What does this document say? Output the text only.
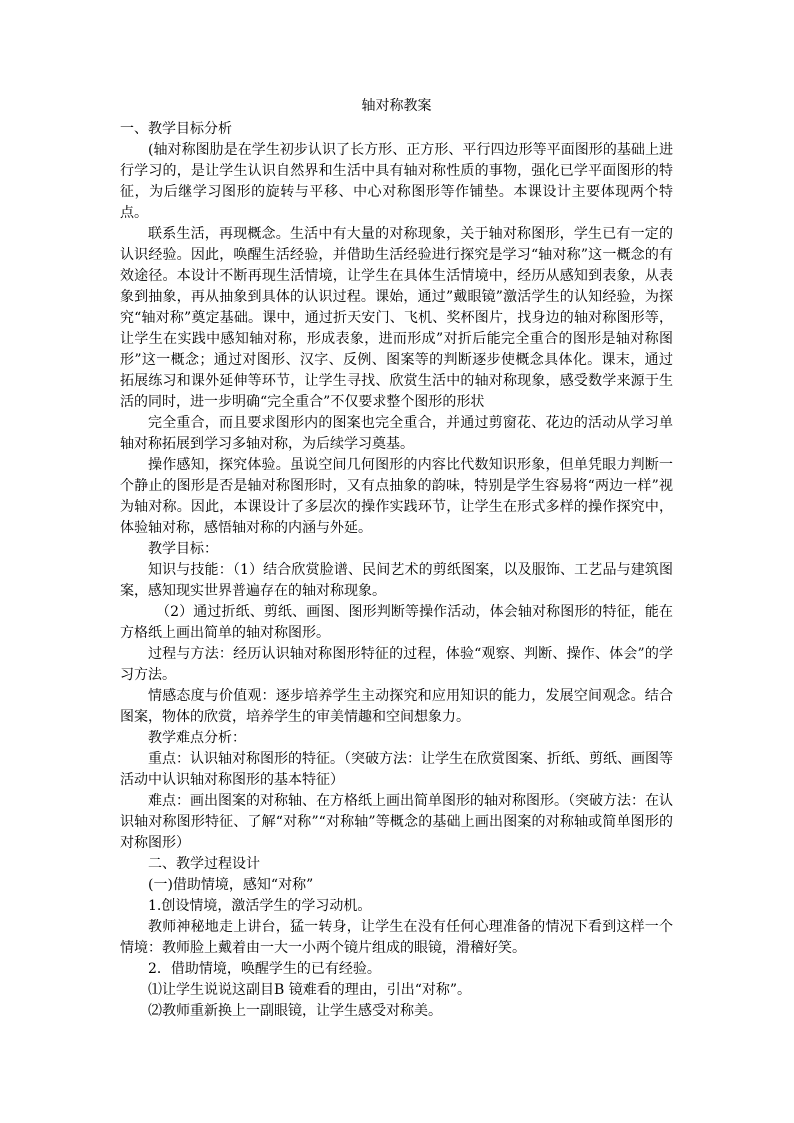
轴对称教案

一、教学目标分析

(轴对称图肋是在学生初步认识了长方形、正方形、平行四边形等平面图形的基础上进行学习的，是让学生认识自然界和生活中具有轴对称性质的事物，强化已学平面图形的特征，为后继学习图形的旋转与平移、中心对称图形等作铺垫。本课设计主要体现两个特点。

联系生活，再现概念。生活中有大量的对称现象，关于轴对称图形，学生已有一定的认识经验。因此，唤醒生活经验，并借助生活经验进行探究是学习“轴对称”这一概念的有效途径。本设计不断再现生活情境，让学生在具体生活情境中，经历从感知到表象，从表象到抽象，再从抽象到具体的认识过程。课始，通过”戴眼镜”激活学生的认知经验，为探究“轴对称”奠定基础。课中，通过折天安门、飞机、奖杯图片，找身边的轴对称图形等，让学生在实践中感知轴对称，形成表象，进而形成”对折后能完全重合的图形是轴对称图形”这一概念；通过对图形、汉字、反例、图案等的判断逐步使概念具体化。课末，通过拓展练习和课外延伸等环节，让学生寻找、欣赏生活中的轴对称现象，感受数学来源于生活的同时，进一步明确“完全重合”不仅要求整个图形的形状

完全重合，而且要求图形内的图案也完全重合，并通过剪窗花、花边的活动从学习单轴对称拓展到学习多轴对称，为后续学习奠基。

操作感知，探究体验。虽说空间几何图形的内容比代数知识形象，但单凭眼力判断一个静止的图形是否是轴对称图形时，又有点抽象的韵味，特别是学生容易将“两边一样”视为轴对称。因此，本课设计了多层次的操作实践环节，让学生在形式多样的操作探究中，体验轴对称，感悟轴对称的内涵与外延。

教学目标：

知识与技能：（1）结合欣赏脸谱、民间艺术的剪纸图案，以及服饰、工艺品与建筑图案，感知现实世界普遍存在的轴对称现象。

（2）通过折纸、剪纸、画图、图形判断等操作活动，体会轴对称图形的特征，能在方格纸上画出简单的轴对称图形。

过程与方法：经历认识轴对称图形特征的过程，体验“观察、判断、操作、体会”的学习方法。

情感态度与价值观：逐步培养学生主动探究和应用知识的能力，发展空间观念。结合图案，物体的欣赏，培养学生的审美情趣和空间想象力。

教学难点分析：

重点：认识轴对称图形的特征。（突破方法：让学生在欣赏图案、折纸、剪纸、画图等活动中认识轴对称图形的基本特征）

难点：画出图案的对称轴、在方格纸上画出简单图形的轴对称图形。（突破方法：在认识轴对称图形特征、了解“对称”“对称轴”等概念的基础上画出图案的对称轴或简单图形的对称图形）

二、教学过程设计

(一)借助情境，感知“对称”

1.创设情境，激活学生的学习动机。

教师神秘地走上讲台，猛一转身，让学生在没有任何心理准备的情况下看到这样一个情境：教师脸上戴着由一大一小两个镜片组成的眼镜，滑稽好笑。

2．借助情境，唤醒学生的已有经验。

⑴让学生说说这副目B 镜难看的理由，引出“对称”。

⑵教师重新换上一副眼镜，让学生感受对称美。
